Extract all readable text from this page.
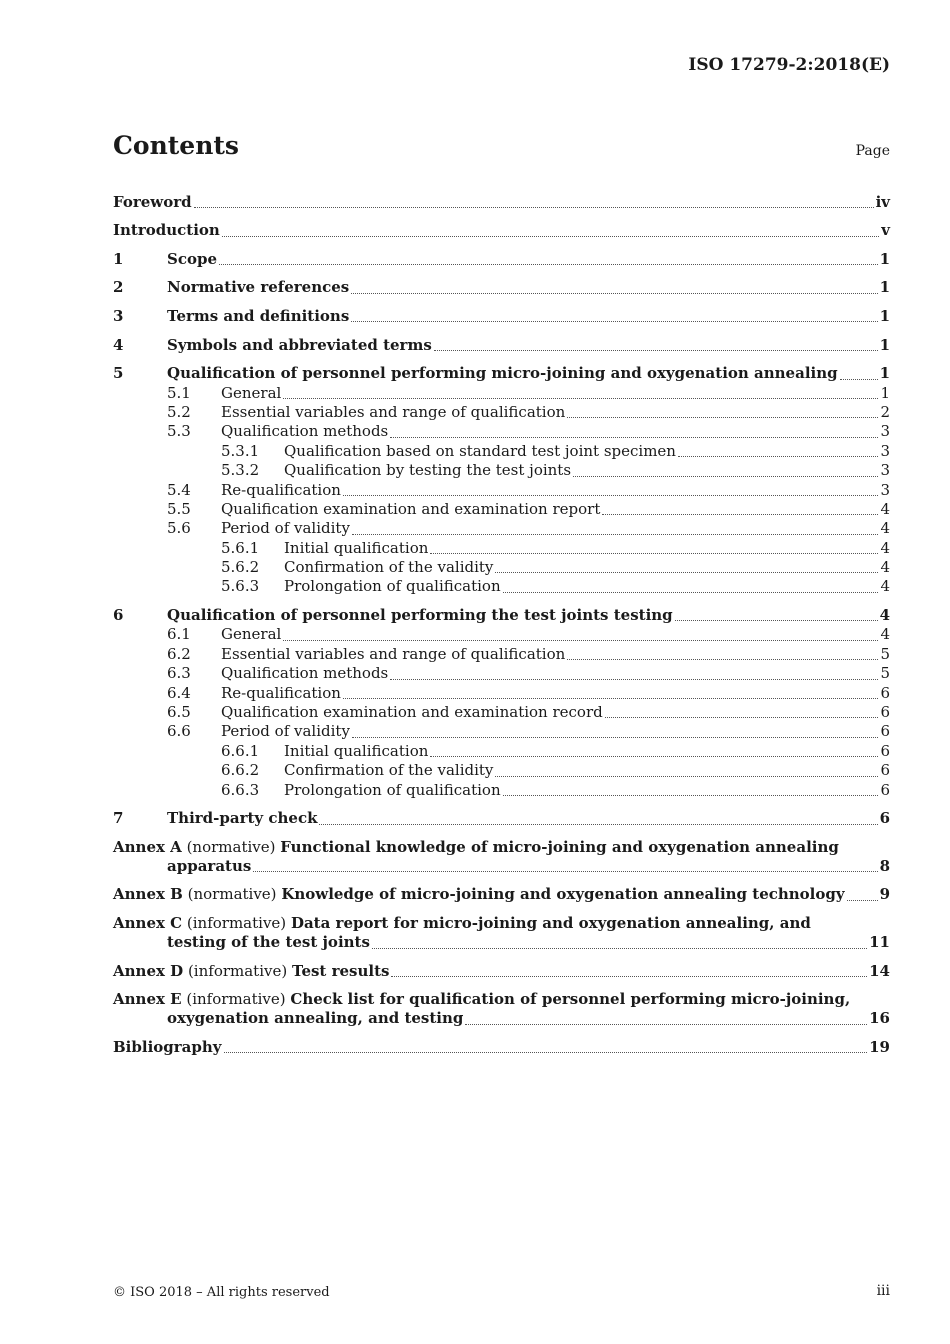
ISO 17279-2:2018(E)
Contents	Page
Foreword	iv
Introduction	v
1	Scope	1
2	Normative references	1
3	Terms and definitions	1
4	Symbols and abbreviated terms	1
5	Qualification of personnel performing micro-joining and oxygenation annealing	1
5.1 General	1
5.2 Essential variables and range of qualification	2
5.3 Qualification methods	3
5.3.1 Qualification based on standard test joint specimen	3
5.3.2 Qualification by testing the test joints	3
5.4 Re-qualification	3
5.5 Qualification examination and examination report	4
5.6 Period of validity	4
5.6.1 Initial qualification	4
5.6.2 Confirmation of the validity	4
5.6.3 Prolongation of qualification	4
6	Qualification of personnel performing the test joints testing	4
6.1 General	4
6.2 Essential variables and range of qualification	5
6.3 Qualification methods	5
6.4 Re-qualification	6
6.5 Qualification examination and examination record	6
6.6 Period of validity	6
6.6.1 Initial qualification	6
6.6.2 Confirmation of the validity	6
6.6.3 Prolongation of qualification	6
7	Third-party check	6
Annex A (normative) Functional knowledge of micro-joining and oxygenation annealing
apparatus	8
Annex B (normative) Knowledge of micro-joining and oxygenation annealing technology 9
Annex C (informative) Data report for micro-joining and oxygenation annealing, and
testing of the test joints	11
Annex D (informative) Test results	14
Annex E (informative) Check list for qualification of personnel performing micro-joining,
oxygenation annealing, and testing	16
Bibliography	19
© ISO 2018 – All rights reserved	iii
